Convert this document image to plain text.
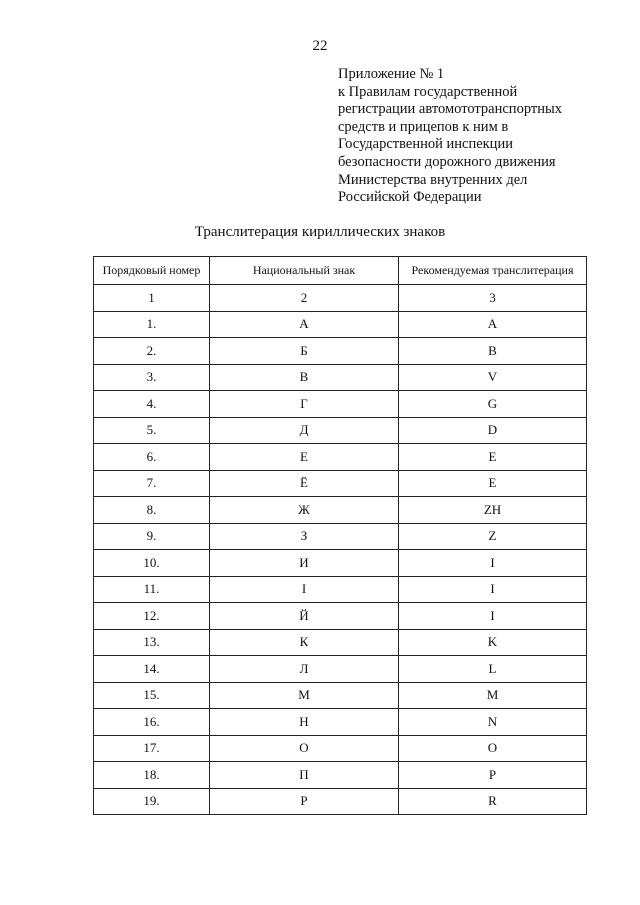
22
Приложение № 1
к Правилам государственной
регистрации автомототранспортных
средств и прицепов к ним в
Государственной инспекции
безопасности дорожного движения
Министерства внутренних дел
Российской Федерации
Транслитерация кириллических знаков
Порядковый номер	Национальный знак	Рекомендуемая транслитерация
1	2	3
1.	А	A
2.	Б	B
3.	В	V
4.	Г	G
5.	Д	D
6.	Е	E
7.	Ё	E
8.	Ж	ZH
9.	З	Z
10.	И	I
11.	І	I
12.	Й	I
13.	К	K
14.	Л	L
15.	М	M
16.	Н	N
17.	О	O
18.	П	P
19.	Р	R
